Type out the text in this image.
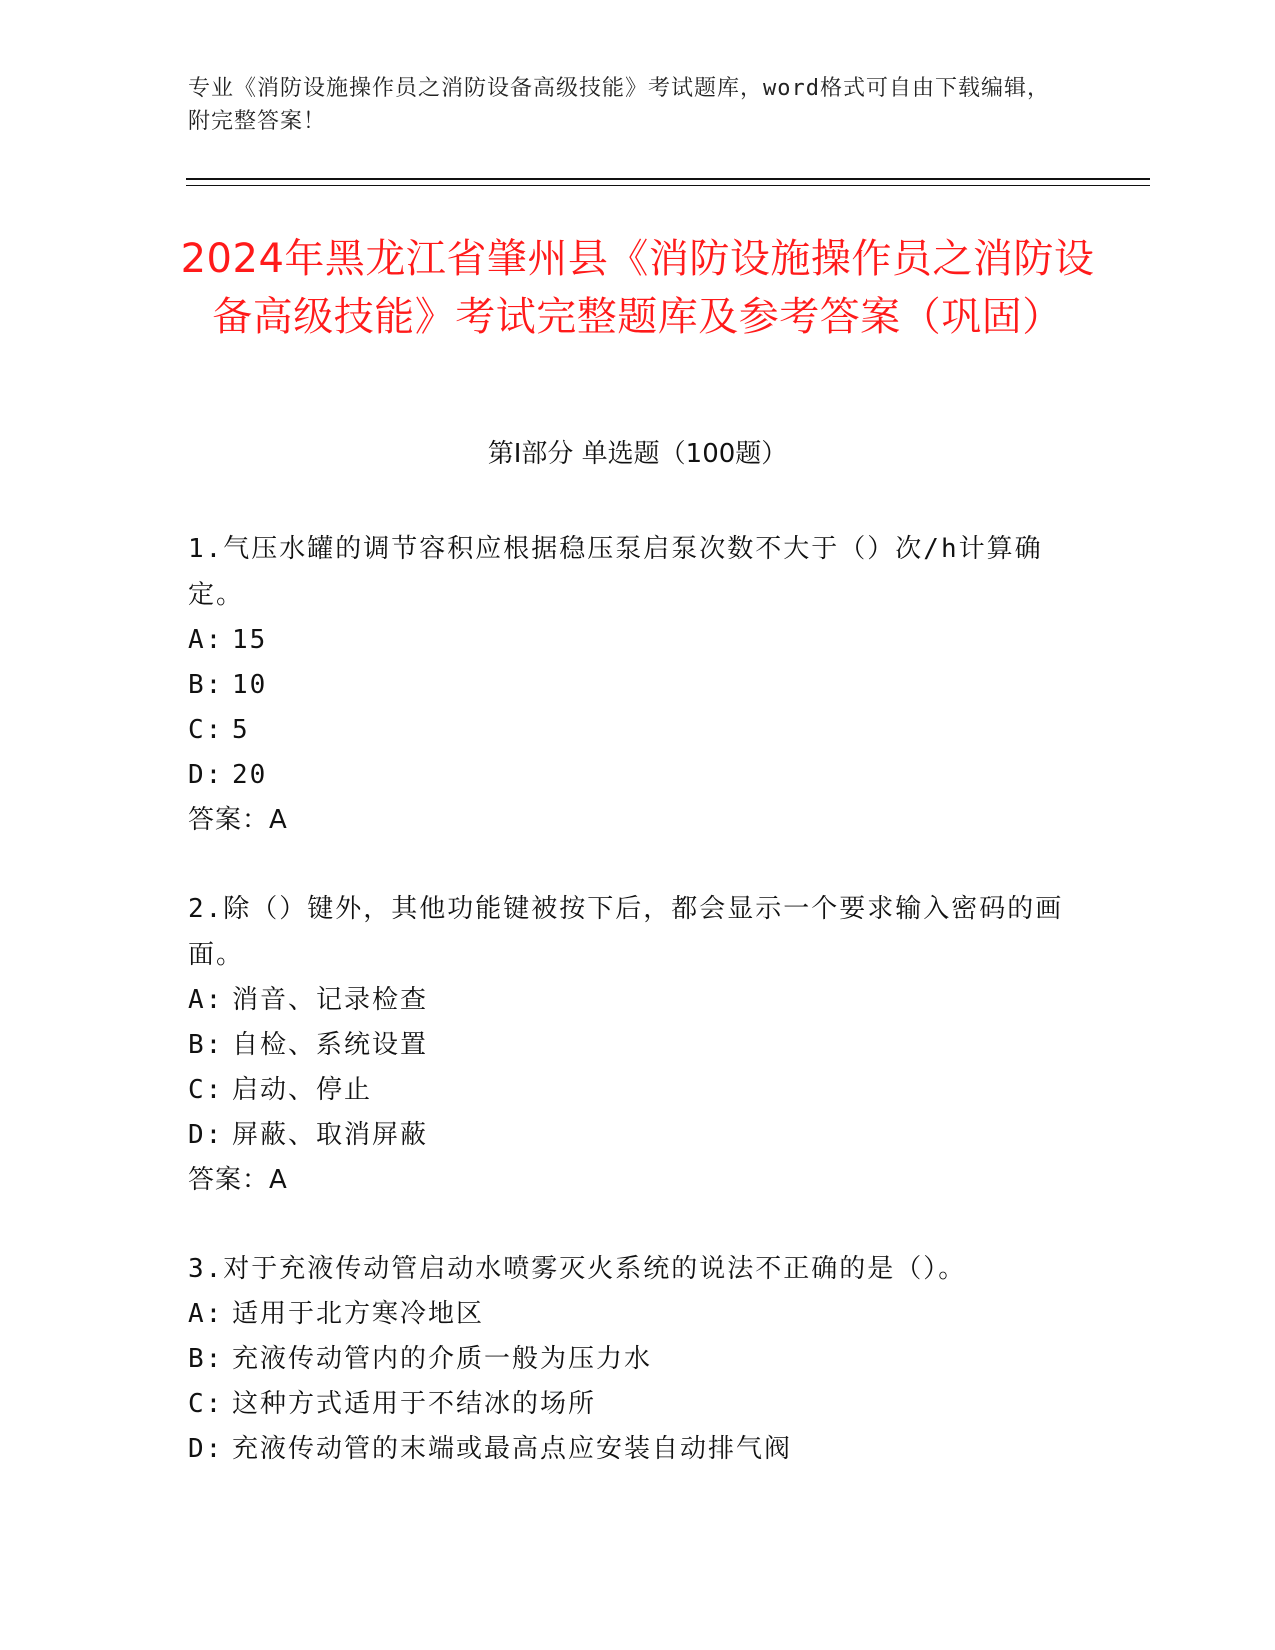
专业《消防设施操作员之消防设备高级技能》考试题库，word格式可自由下载编辑，附完整答案！
2024年黑龙江省肇州县《消防设施操作员之消防设备高级技能》考试完整题库及参考答案（巩固）
第I部分 单选题（100题）

1.气压水罐的调节容积应根据稳压泵启泵次数不大于（）次/h计算确定。

A: 15
B: 10
C: 5
D: 20
答案：A

2.除（）键外，其他功能键被按下后，都会显示一个要求输入密码的画面。

A: 消音、记录检查
B: 自检、系统设置
C: 启动、停止
D: 屏蔽、取消屏蔽
答案：A

3.对于充液传动管启动水喷雾灭火系统的说法不正确的是（）。

A: 适用于北方寒冷地区
B: 充液传动管内的介质一般为压力水
C: 这种方式适用于不结冰的场所
D: 充液传动管的末端或最高点应安装自动排气阀
